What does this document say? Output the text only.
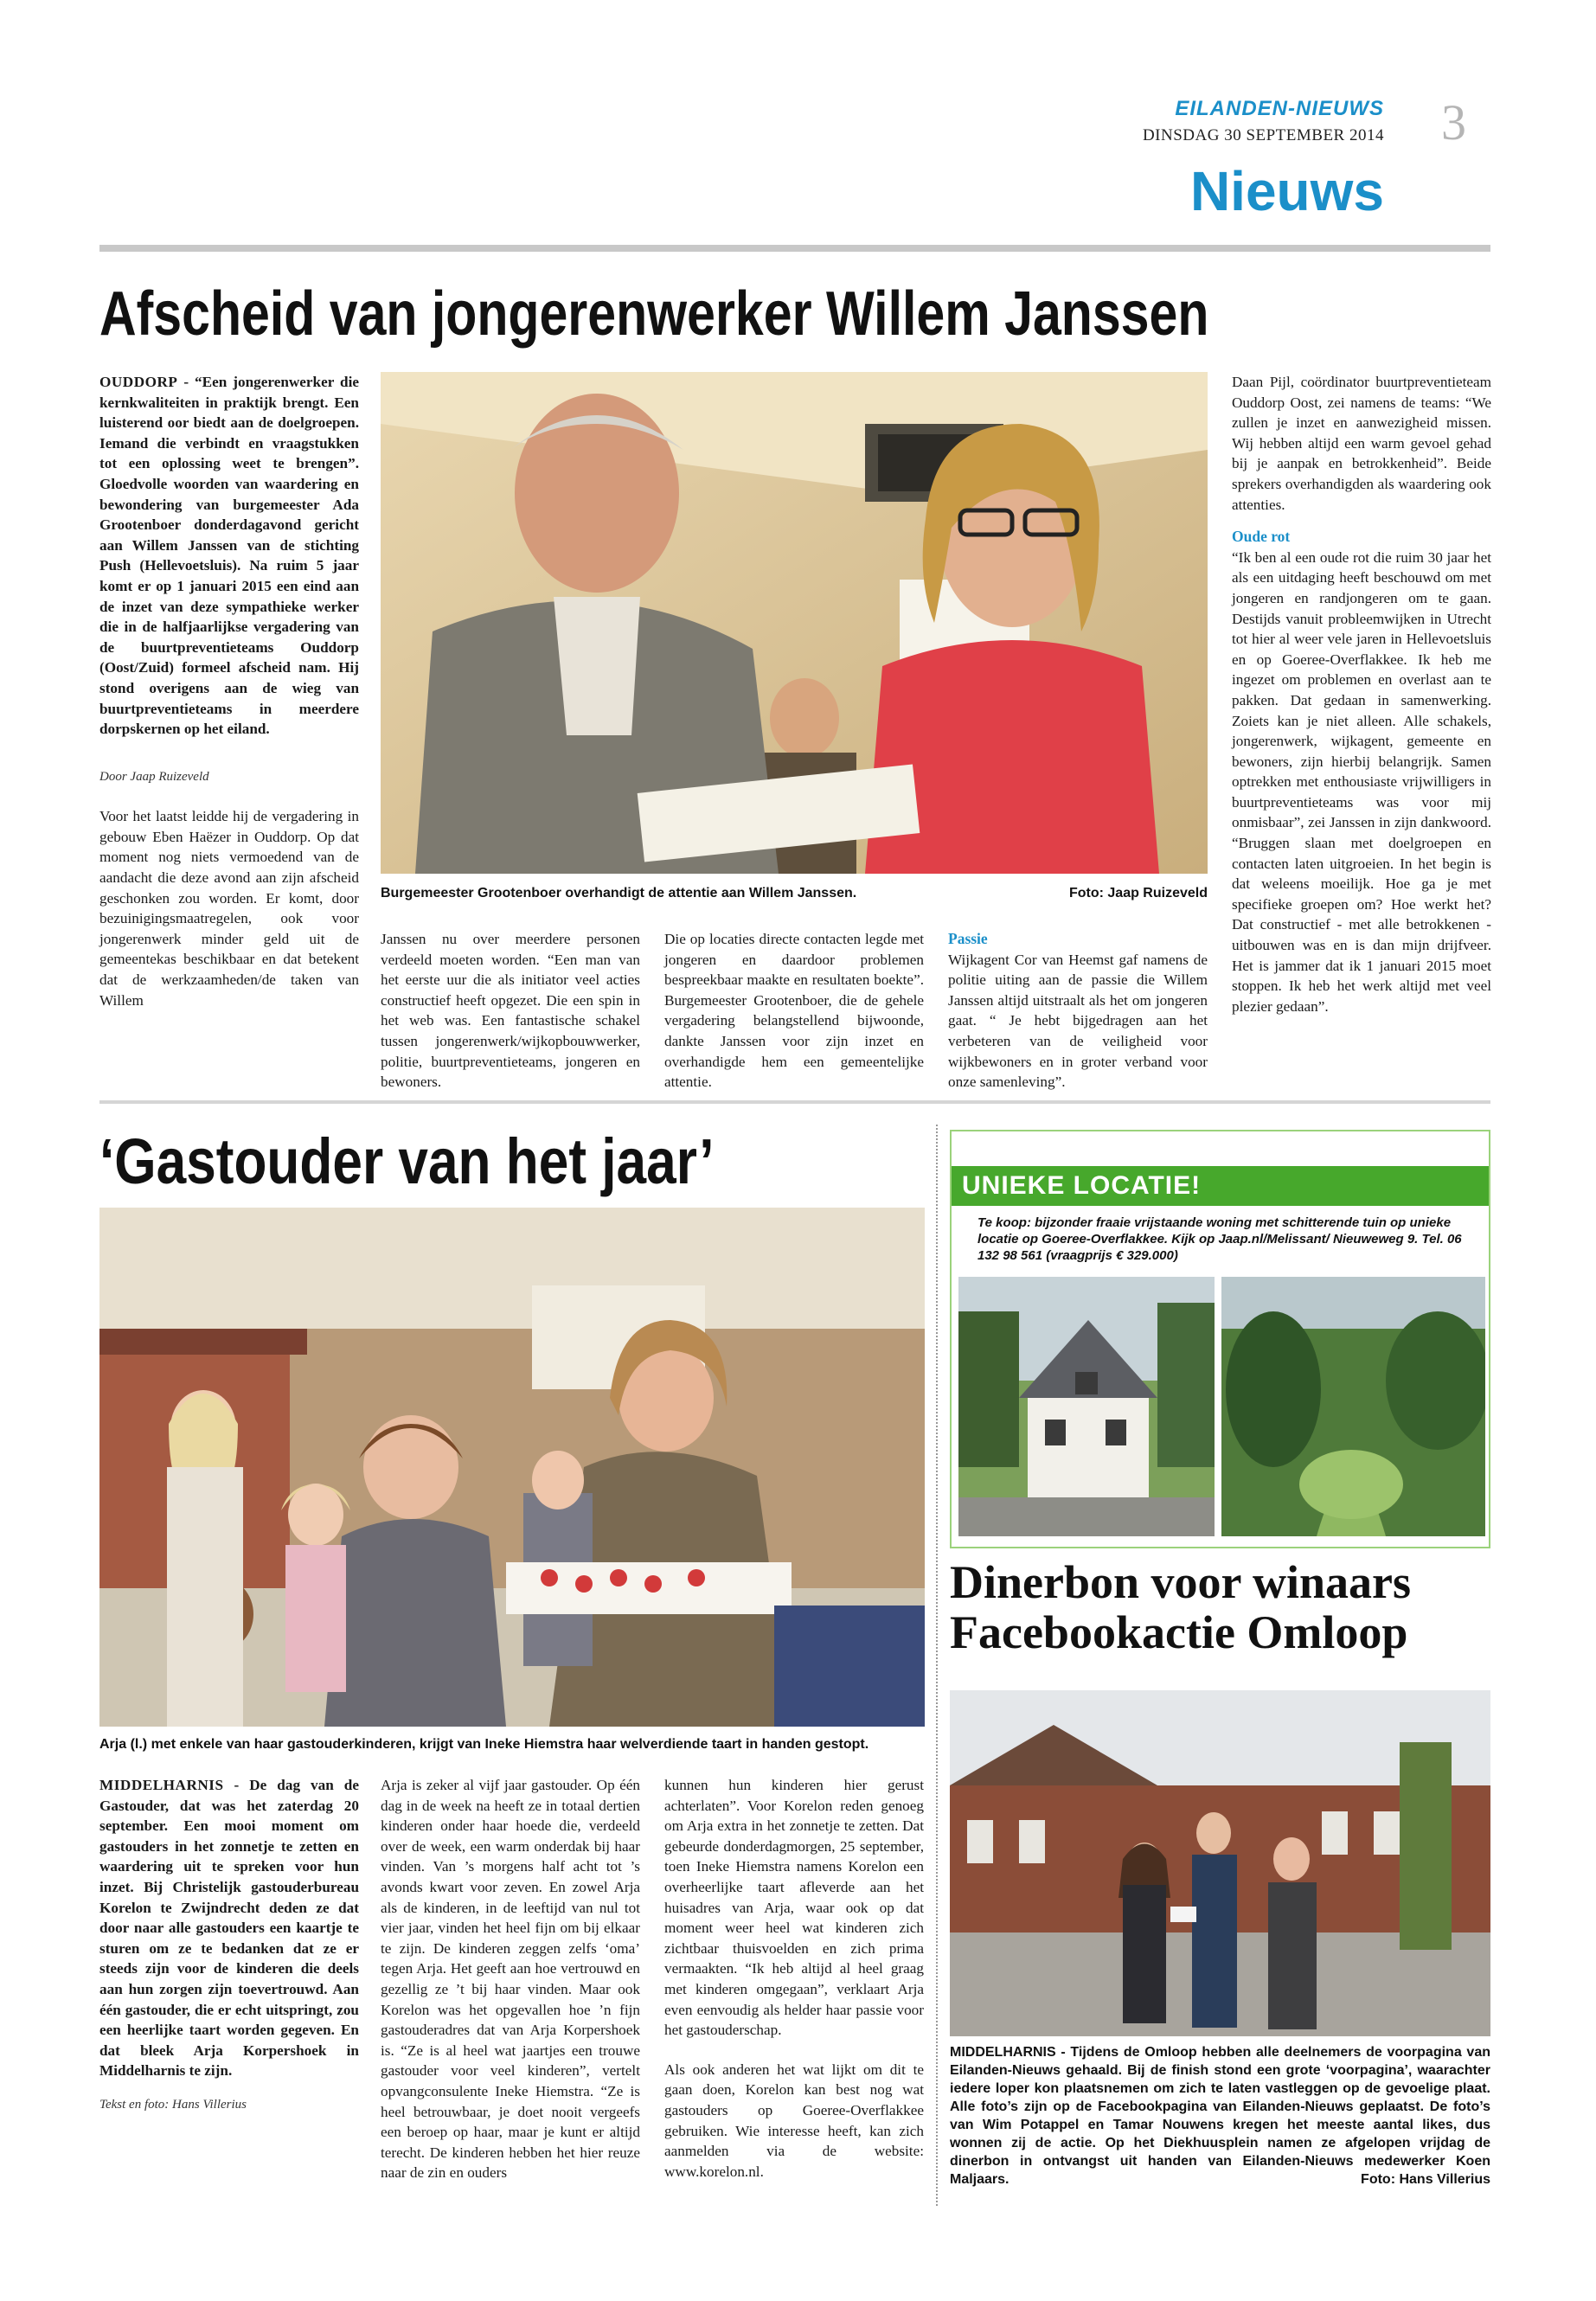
EILANDEN-NIEUWS
DINSDAG 30 SEPTEMBER 2014 3
Nieuws
Afscheid van jongerenwerker Willem Janssen

OUDDORP - “Een jongerenwerker die kernkwaliteiten in praktijk brengt. Een luisterend oor biedt aan de doelgroepen. Iemand die verbindt en vraagstukken tot een oplossing weet te brengen”. Gloedvolle woorden van waardering en bewondering van burgemeester Ada Grootenboer donderdagavond gericht aan Willem Janssen van de stichting Push (Hellevoetsluis). Na ruim 5 jaar komt er op 1 januari 2015 een eind aan de inzet van deze sympathieke werker die in de halfjaarlijkse vergadering van de buurtpreventieteams Ouddorp (Oost/Zuid) formeel afscheid nam. Hij stond overigens aan de wieg van buurtpreventieteams in meerdere dorpskernen op het eiland.

Door Jaap Ruizeveld

Voor het laatst leidde hij de vergadering in gebouw Eben Haëzer in Ouddorp. Op dat moment nog niets vermoedend van de aandacht die deze avond aan zijn afscheid geschonken zou worden. Er komt, door bezuinigingsmaatregelen, ook voor jongerenwerk minder geld uit de gemeentekas beschikbaar en dat betekent dat de werkzaamheden/de taken van Willem

Burgemeester Grootenboer overhandigt de attentie aan Willem Janssen.	Foto: Jaap Ruizeveld
Janssen nu over meerdere personen verdeeld moeten worden. “Een man van het eerste uur die als initiator veel acties constructief heeft opgezet. Die een spin in het web was. Een fantastische schakel tussen jongerenwerk/wijkopbouwwerker, politie, buurtpreventieteams, jongeren en bewoners.
Die op locaties directe contacten legde met jongeren en daardoor problemen bespreekbaar maakte en resultaten boekte”. Burgemeester Grootenboer, die de gehele vergadering belangstellend bijwoonde, dankte Janssen voor zijn inzet en overhandigde hem een gemeentelijke attentie.

Passie

Wijkagent Cor van Heemst gaf namens de politie uiting aan de passie die Willem Janssen altijd uitstraalt als het om jongeren gaat. “ Je hebt bijgedragen aan het verbeteren van de veiligheid voor wijkbewoners en in groter verband voor onze samenleving”.

Daan Pijl, coördinator buurtpreventieteam Ouddorp Oost, zei namens de teams: “We zullen je inzet en aanwezigheid missen. Wij hebben altijd een warm gevoel gehad bij je aanpak en betrokkenheid”. Beide sprekers overhandigden als waardering ook attenties.

Oude rot

“Ik ben al een oude rot die ruim 30 jaar het als een uitdaging heeft beschouwd om met jongeren en randjongeren om te gaan. Destijds vanuit probleemwijken in Utrecht tot hier al weer vele jaren in Hellevoetsluis en op Goeree-Overflakkee. Ik heb me ingezet om problemen en overlast aan te pakken. Dat gedaan in samenwerking. Zoiets kan je niet alleen. Alle schakels, jongerenwerk, wijkagent, gemeente en bewoners, zijn hierbij belangrijk. Samen optrekken met enthousiaste vrijwilligers in buurtpreventieteams was voor mij onmisbaar”, zei Janssen in zijn dankwoord. “Bruggen slaan met doelgroepen en contacten laten uitgroeien. In het begin is dat weleens moeilijk. Hoe ga je met specifieke groepen om? Hoe werkt het? Dat constructief - met alle betrokkenen - uitbouwen was en is dan mijn drijfveer. Het is jammer dat ik 1 januari 2015 moet stoppen. Ik heb het werk altijd met veel plezier gedaan”.

‘Gastouder van het jaar’
Arja (l.) met enkele van haar gastouderkinderen, krijgt van Ineke Hiemstra haar welverdiende taart in handen gestopt.

MIDDELHARNIS - De dag van de Gastouder, dat was het zaterdag 20 september. Een mooi moment om gastouders in het zonnetje te zetten en waardering uit te spreken voor hun inzet. Bij Christelijk gastouderbureau Korelon te Zwijndrecht deden ze dat door naar alle gastouders een kaartje te sturen om ze te bedanken dat ze er steeds zijn voor de kinderen die deels aan hun zorgen zijn toevertrouwd. Aan één gastouder, die er echt uitspringt, zou een heerlijke taart worden gegeven. En dat bleek Arja Korpershoek in Middelharnis te zijn.

Tekst en foto: Hans Villerius

Arja is zeker al vijf jaar gastouder. Op één dag in de week na heeft ze in totaal dertien kinderen onder haar hoede die, verdeeld over de week, een warm onderdak bij haar vinden. Van ’s morgens half acht tot ’s avonds kwart voor zeven. En zowel Arja als de kinderen, in de leeftijd van nul tot vier jaar, vinden het heel fijn om bij elkaar te zijn. De kinderen zeggen zelfs ‘oma’ tegen Arja. Het geeft aan hoe vertrouwd en gezellig ze ’t bij haar vinden. Maar ook Korelon was het opgevallen hoe ’n fijn gastouderadres dat van Arja Korpershoek is. “Ze is al heel wat jaartjes een trouwe gastouder voor veel kinderen”, vertelt opvangconsulente Ineke Hiemstra. “Ze is heel betrouwbaar, je doet nooit vergeefs een beroep op haar, maar je kunt er altijd terecht. De kinderen hebben het hier reuze naar de zin en ouders

kunnen hun kinderen hier gerust achterlaten”. Voor Korelon reden genoeg om Arja extra in het zonnetje te zetten. Dat gebeurde donderdagmorgen, 25 september, toen Ineke Hiemstra namens Korelon een overheerlijke taart afleverde aan het huisadres van Arja, waar ook op dat moment weer heel wat kinderen zich zichtbaar thuisvoelden en zich prima vermaakten. “Ik heb altijd al heel graag met kinderen omgegaan”, verklaart Arja even eenvoudig als helder haar passie voor het gastouderschap.

Als ook anderen het wat lijkt om dit te gaan doen, Korelon kan best nog wat gastouders op Goeree-Overflakkee gebruiken. Wie interesse heeft, kan zich aanmelden via de website: www.korelon.nl.

UNIEKE LOCATIE!
Te koop: bijzonder fraaie vrijstaande woning met schitterende tuin op unieke locatie op Goeree-Overflakkee. Kijk op Jaap.nl/Melissant/ Nieuweweg 9. Tel. 06 132 98 561 (vraagprijs € 329.000)
Dinerbon voor winaars Facebookactie Omloop
MIDDELHARNIS - Tijdens de Omloop hebben alle deelnemers de voorpagina van Eilanden-Nieuws gehaald. Bij de finish stond een grote ‘voorpagina’, waarachter iedere loper kon plaatsnemen om zich te laten vastleggen op de gevoelige plaat. Alle foto’s zijn op de Facebookpagina van Eilanden-Nieuws geplaatst. De foto’s van Wim Potappel en Tamar Nouwens kregen het meeste aantal likes, dus wonnen zij de actie. Op het Diekhuusplein namen ze afgelopen vrijdag de dinerbon in ontvangst uit handen van Eilanden-Nieuws medewerker Koen Maljaars.	Foto: Hans Villerius
